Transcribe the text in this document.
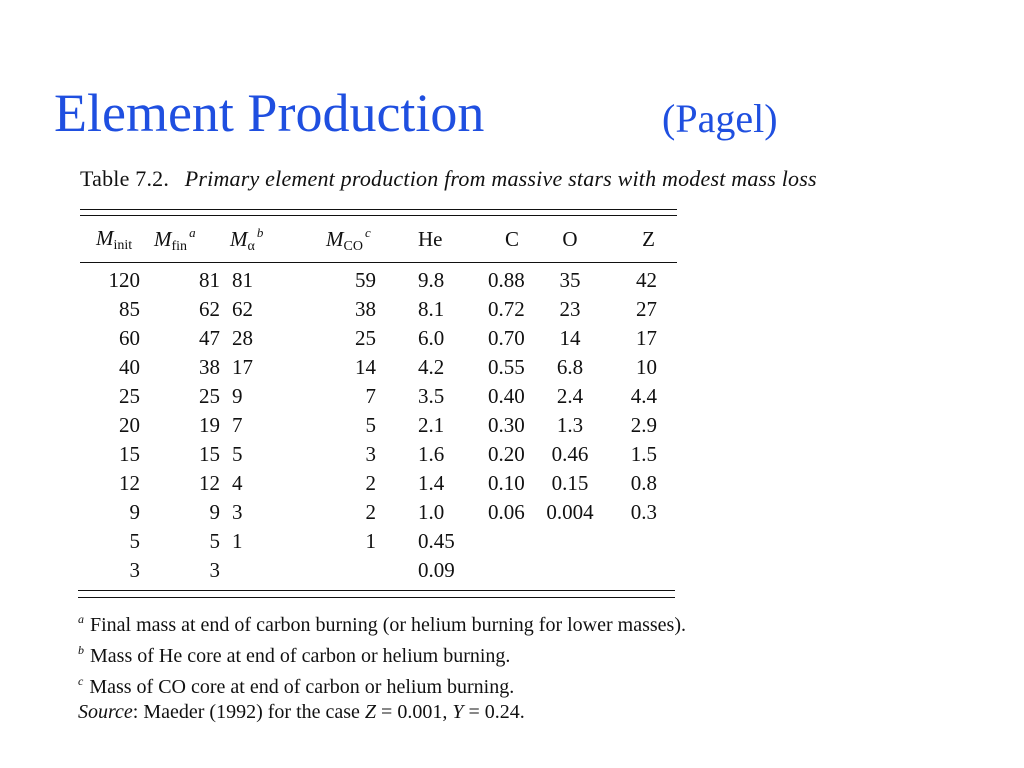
Element Production	(Pagel)
Table 7.2. Primary element production from massive stars with modest mass loss
Minit	Mfin$^a$	$M\alpha^b$	MCO$^c$	He	C	O	Z
120	81	81	59	9.8	0.88	35	42
85	62	62	38	8.1	0.72	23	27
60	47	28	25	6.0	0.70	14	17
40	38	17	14	4.2	0.55	6.8	10
25	25	9	7	3.5	0.40	2.4	4.4
20	19	7	5	2.1	0.30	1.3	2.9
15	15	5	3	1.6	0.20	0.46	1.5
12	12	4	2	1.4	0.10	0.15	0.8
9	9	3	2	1.0	0.06	0.004	0.3
5	5	1	1	0.45			
3	3			0.09			
$^a$ Final mass at end of carbon burning (or helium burning for lower masses).
$^b$ Mass of He core at end of carbon or helium burning.
$^c$ Mass of CO core at end of carbon or helium burning.
Source: Maeder (1992) for the case Z = 0.001, Y = 0.24.
